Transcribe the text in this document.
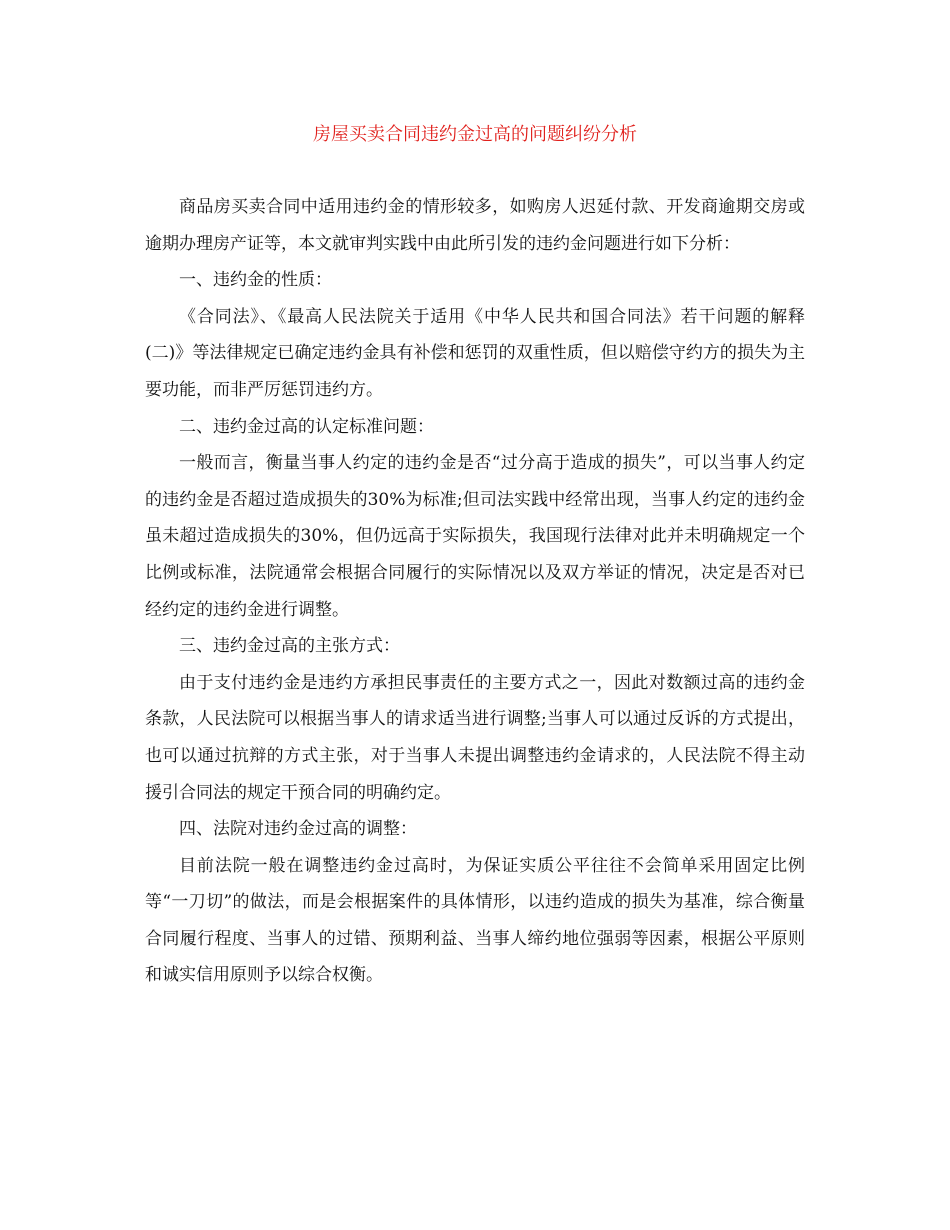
房屋买卖合同违约金过高的问题纠纷分析

商品房买卖合同中适用违约金的情形较多，如购房人迟延付款、开发商逾期交房或逾期办理房产证等，本文就审判实践中由此所引发的违约金问题进行如下分析：

一、违约金的性质：

《合同法》、《最高人民法院关于适用《中华人民共和国合同法》若干问题的解释(二)》等法律规定已确定违约金具有补偿和惩罚的双重性质，但以赔偿守约方的损失为主要功能，而非严厉惩罚违约方。

二、违约金过高的认定标准问题：

一般而言，衡量当事人约定的违约金是否“过分高于造成的损失”，可以当事人约定的违约金是否超过造成损失的30%为标准;但司法实践中经常出现，当事人约定的违约金虽未超过造成损失的30%，但仍远高于实际损失，我国现行法律对此并未明确规定一个比例或标准，法院通常会根据合同履行的实际情况以及双方举证的情况，决定是否对已经约定的违约金进行调整。

三、违约金过高的主张方式：

由于支付违约金是违约方承担民事责任的主要方式之一，因此对数额过高的违约金条款，人民法院可以根据当事人的请求适当进行调整;当事人可以通过反诉的方式提出，也可以通过抗辩的方式主张，对于当事人未提出调整违约金请求的，人民法院不得主动援引合同法的规定干预合同的明确约定。

四、法院对违约金过高的调整：

目前法院一般在调整违约金过高时，为保证实质公平往往不会简单采用固定比例等“一刀切”的做法，而是会根据案件的具体情形，以违约造成的损失为基准，综合衡量合同履行程度、当事人的过错、预期利益、当事人缔约地位强弱等因素，根据公平原则和诚实信用原则予以综合权衡。
